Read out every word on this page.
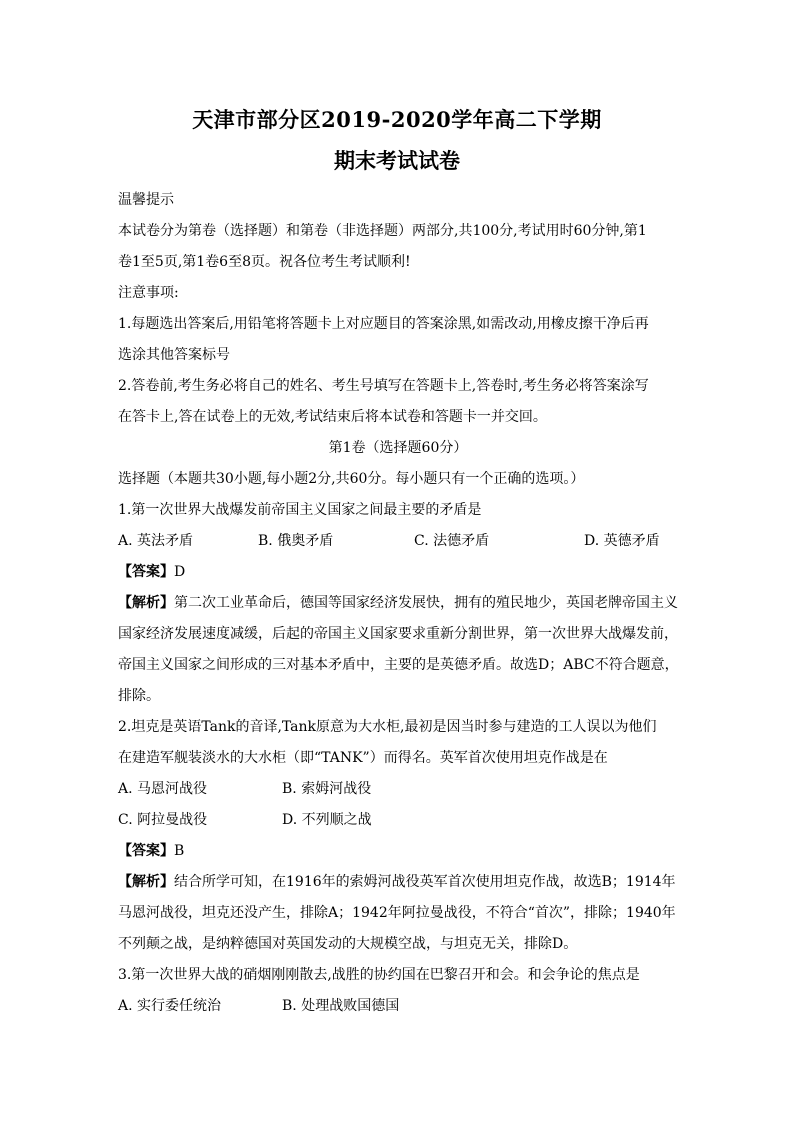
天津市部分区2019-2020学年高二下学期
期末考试试卷
温馨提示
本试卷分为第卷（选择题）和第卷（非选择题）两部分,共100分,考试用时60分钟,第1
卷1至5页,第1卷6至8页。祝各位考生考试顺利!
注意事项:
1.每题选出答案后,用铅笔将答题卡上对应题目的答案涂黑,如需改动,用橡皮擦干净后再
选涂其他答案标号
2.答卷前,考生务必将自己的姓名、考生号填写在答题卡上,答卷时,考生务必将答案涂写
在答卡上,答在试卷上的无效,考试结束后将本试卷和答题卡一并交回。
第1卷（选择题60分）
选择题（本题共30小题,每小题2分,共60分。每小题只有一个正确的选项。）
1.第一次世界大战爆发前帝国主义国家之间最主要的矛盾是
A. 英法矛盾	B. 俄奥矛盾	C. 法德矛盾	D. 英德矛盾
【答案】D
【解析】第二次工业革命后，德国等国家经济发展快，拥有的殖民地少，英国老牌帝国主义
国家经济发展速度减缓，后起的帝国主义国家要求重新分割世界，第一次世界大战爆发前，
帝国主义国家之间形成的三对基本矛盾中，主要的是英德矛盾。故选D；ABC不符合题意，
排除。
2.坦克是英语Tank的音译,Tank原意为大水柜,最初是因当时参与建造的工人误以为他们
在建造军舰装淡水的大水柜（即“TANK”）而得名。英军首次使用坦克作战是在
A. 马恩河战役	B. 索姆河战役
C. 阿拉曼战役	D. 不列顺之战
【答案】B
【解析】结合所学可知，在1916年的索姆河战役英军首次使用坦克作战，故选B；1914年
马恩河战役，坦克还没产生，排除A；1942年阿拉曼战役，不符合“首次”，排除；1940年
不列颠之战，是纳粹德国对英国发动的大规模空战，与坦克无关，排除D。
3.第一次世界大战的硝烟刚刚散去,战胜的协约国在巴黎召开和会。和会争论的焦点是
A. 实行委任统治	B. 处理战败国德国
